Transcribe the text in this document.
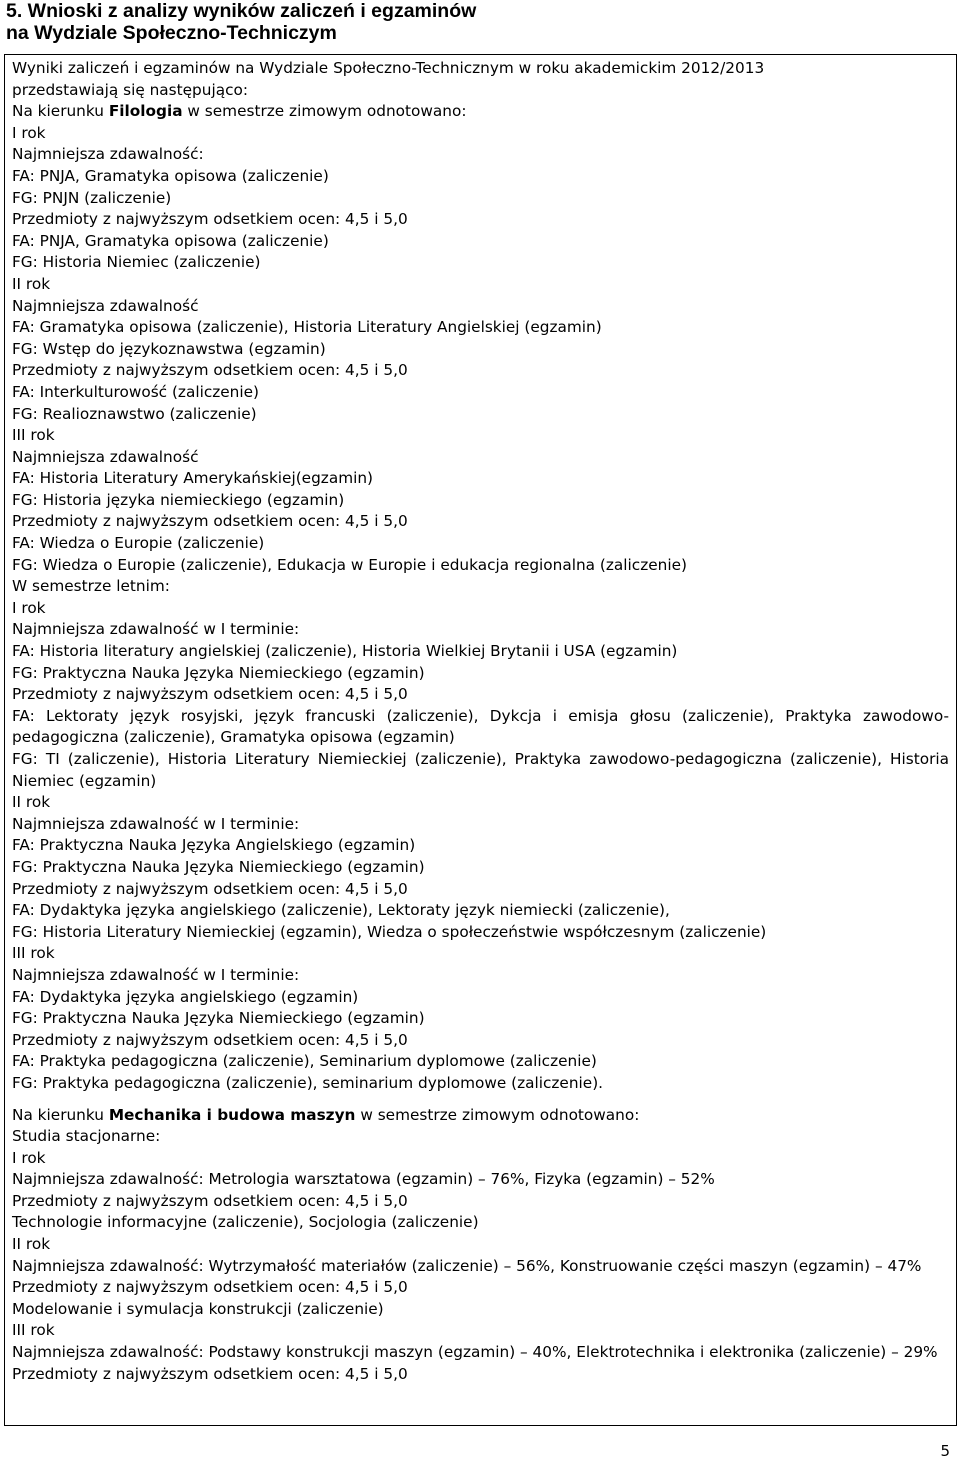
5. Wnioski z analizy wyników zaliczeń i egzaminów
na Wydziale Społeczno-Techniczym
Wyniki zaliczeń i egzaminów na Wydziale Społeczno-Technicznym w roku akademickim 2012/2013
przedstawiają się następująco:
Na kierunku Filologia w semestrze zimowym odnotowano:
I rok
Najmniejsza zdawalność:
FA: PNJA, Gramatyka opisowa (zaliczenie)
FG: PNJN (zaliczenie)
Przedmioty z najwyższym odsetkiem ocen: 4,5 i 5,0
FA: PNJA, Gramatyka opisowa (zaliczenie)
FG: Historia Niemiec (zaliczenie)
II rok
Najmniejsza zdawalność
FA: Gramatyka opisowa (zaliczenie), Historia Literatury Angielskiej (egzamin)
FG: Wstęp do językoznawstwa (egzamin)
Przedmioty z najwyższym odsetkiem ocen: 4,5 i 5,0
FA: Interkulturowość (zaliczenie)
FG: Realioznawstwo (zaliczenie)
III rok
Najmniejsza zdawalność
FA: Historia Literatury Amerykańskiej(egzamin)
FG: Historia języka niemieckiego (egzamin)
Przedmioty z najwyższym odsetkiem ocen: 4,5 i 5,0
FA: Wiedza o Europie (zaliczenie)
FG: Wiedza o Europie (zaliczenie), Edukacja w Europie i edukacja regionalna (zaliczenie)
W semestrze letnim:
I rok
Najmniejsza zdawalność w I terminie:
FA: Historia literatury angielskiej (zaliczenie), Historia Wielkiej Brytanii i USA (egzamin)
FG: Praktyczna Nauka Języka Niemieckiego (egzamin)
Przedmioty z najwyższym odsetkiem ocen: 4,5 i 5,0
FA: Lektoraty język rosyjski, język francuski (zaliczenie), Dykcja i emisja głosu (zaliczenie), Praktyka zawodowo- pedagogiczna (zaliczenie), Gramatyka opisowa (egzamin)
FG: TI (zaliczenie), Historia Literatury Niemieckiej (zaliczenie), Praktyka zawodowo-pedagogiczna (zaliczenie), Historia Niemiec (egzamin)
II rok
Najmniejsza zdawalność w I terminie:
FA: Praktyczna Nauka Języka Angielskiego (egzamin)
FG: Praktyczna Nauka Języka Niemieckiego (egzamin)
Przedmioty z najwyższym odsetkiem ocen: 4,5 i 5,0
FA: Dydaktyka języka angielskiego (zaliczenie), Lektoraty język niemiecki (zaliczenie),
FG: Historia Literatury Niemieckiej (egzamin), Wiedza o społeczeństwie współczesnym (zaliczenie)
III rok
Najmniejsza zdawalność w I terminie:
FA: Dydaktyka języka angielskiego (egzamin)
FG: Praktyczna Nauka Języka Niemieckiego (egzamin)
Przedmioty z najwyższym odsetkiem ocen: 4,5 i 5,0
FA: Praktyka pedagogiczna (zaliczenie), Seminarium dyplomowe (zaliczenie)
FG: Praktyka pedagogiczna (zaliczenie), seminarium dyplomowe (zaliczenie).
Na kierunku Mechanika i budowa maszyn w semestrze zimowym odnotowano:
Studia stacjonarne:
I rok
Najmniejsza zdawalność: Metrologia warsztatowa (egzamin) – 76%, Fizyka (egzamin) – 52%
Przedmioty z najwyższym odsetkiem ocen: 4,5 i 5,0
Technologie informacyjne (zaliczenie), Socjologia (zaliczenie)
II rok
Najmniejsza zdawalność: Wytrzymałość materiałów (zaliczenie) – 56%, Konstruowanie części maszyn (egzamin) – 47%
Przedmioty z najwyższym odsetkiem ocen: 4,5 i 5,0
Modelowanie i symulacja konstrukcji (zaliczenie)
III rok
Najmniejsza zdawalność: Podstawy konstrukcji maszyn (egzamin) – 40%, Elektrotechnika i elektronika (zaliczenie) – 29%
Przedmioty z najwyższym odsetkiem ocen: 4,5 i 5,0
5
